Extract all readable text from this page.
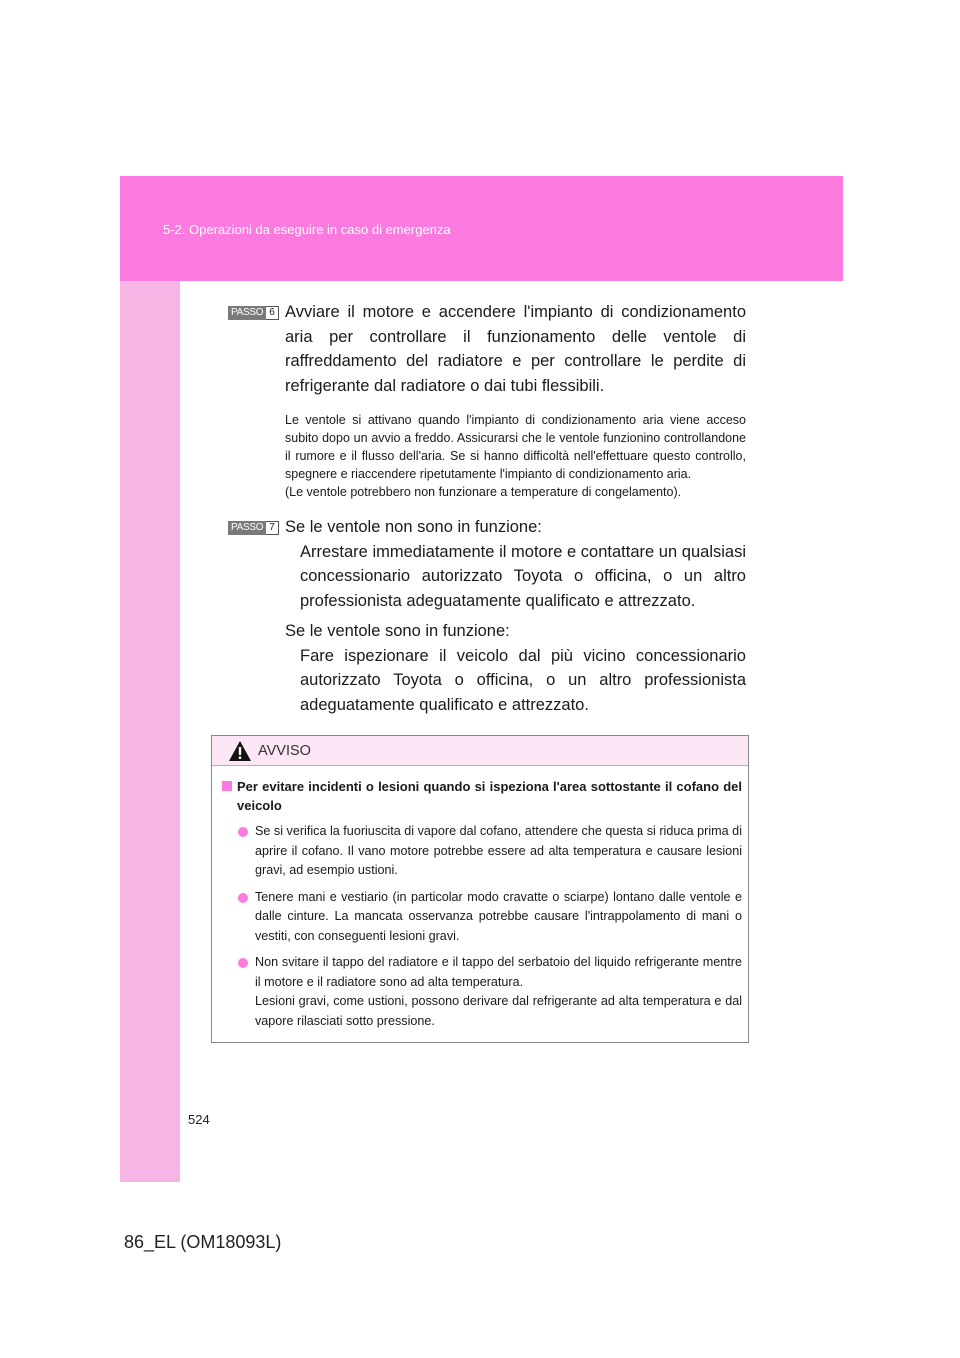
5-2. Operazioni da eseguire in caso di emergenza
PASSO 6 Avviare il motore e accendere l'impianto di condizionamento aria per controllare il funzionamento delle ventole di raffreddamento del radiatore e per controllare le perdite di refrigerante dal radiatore o dai tubi flessibili.

Le ventole si attivano quando l'impianto di condizionamento aria viene acceso subito dopo un avvio a freddo. Assicurarsi che le ventole funzionino controllandone il rumore e il flusso dell'aria. Se si hanno difficoltà nell'effettuare questo controllo, spegnere e riaccendere ripetutamente l'impianto di condizionamento aria.

(Le ventole potrebbero non funzionare a temperature di congelamento).

PASSO 7 Se le ventole non sono in funzione:

Arrestare immediatamente il motore e contattare un qualsiasi concessionario autorizzato Toyota o officina, o un altro professionista adeguatamente qualificato e attrezzato.

Se le ventole sono in funzione:

Fare ispezionare il veicolo dal più vicino concessionario autorizzato Toyota o officina, o un altro professionista adeguatamente qualificato e attrezzato.

AVVISO
Per evitare incidenti o lesioni quando si ispeziona l'area sottostante il cofano del veicolo

Se si verifica la fuoriuscita di vapore dal cofano, attendere che questa si riduca prima di aprire il cofano. Il vano motore potrebbe essere ad alta temperatura e causare lesioni gravi, ad esempio ustioni.

Tenere mani e vestiario (in particolar modo cravatte o sciarpe) lontano dalle ventole e dalle cinture. La mancata osservanza potrebbe causare l'intrappolamento di mani o vestiti, con conseguenti lesioni gravi.

Non svitare il tappo del radiatore e il tappo del serbatoio del liquido refrigerante mentre il motore e il radiatore sono ad alta temperatura.

Lesioni gravi, come ustioni, possono derivare dal refrigerante ad alta temperatura e dal vapore rilasciati sotto pressione.

524
86_EL (OM18093L)
